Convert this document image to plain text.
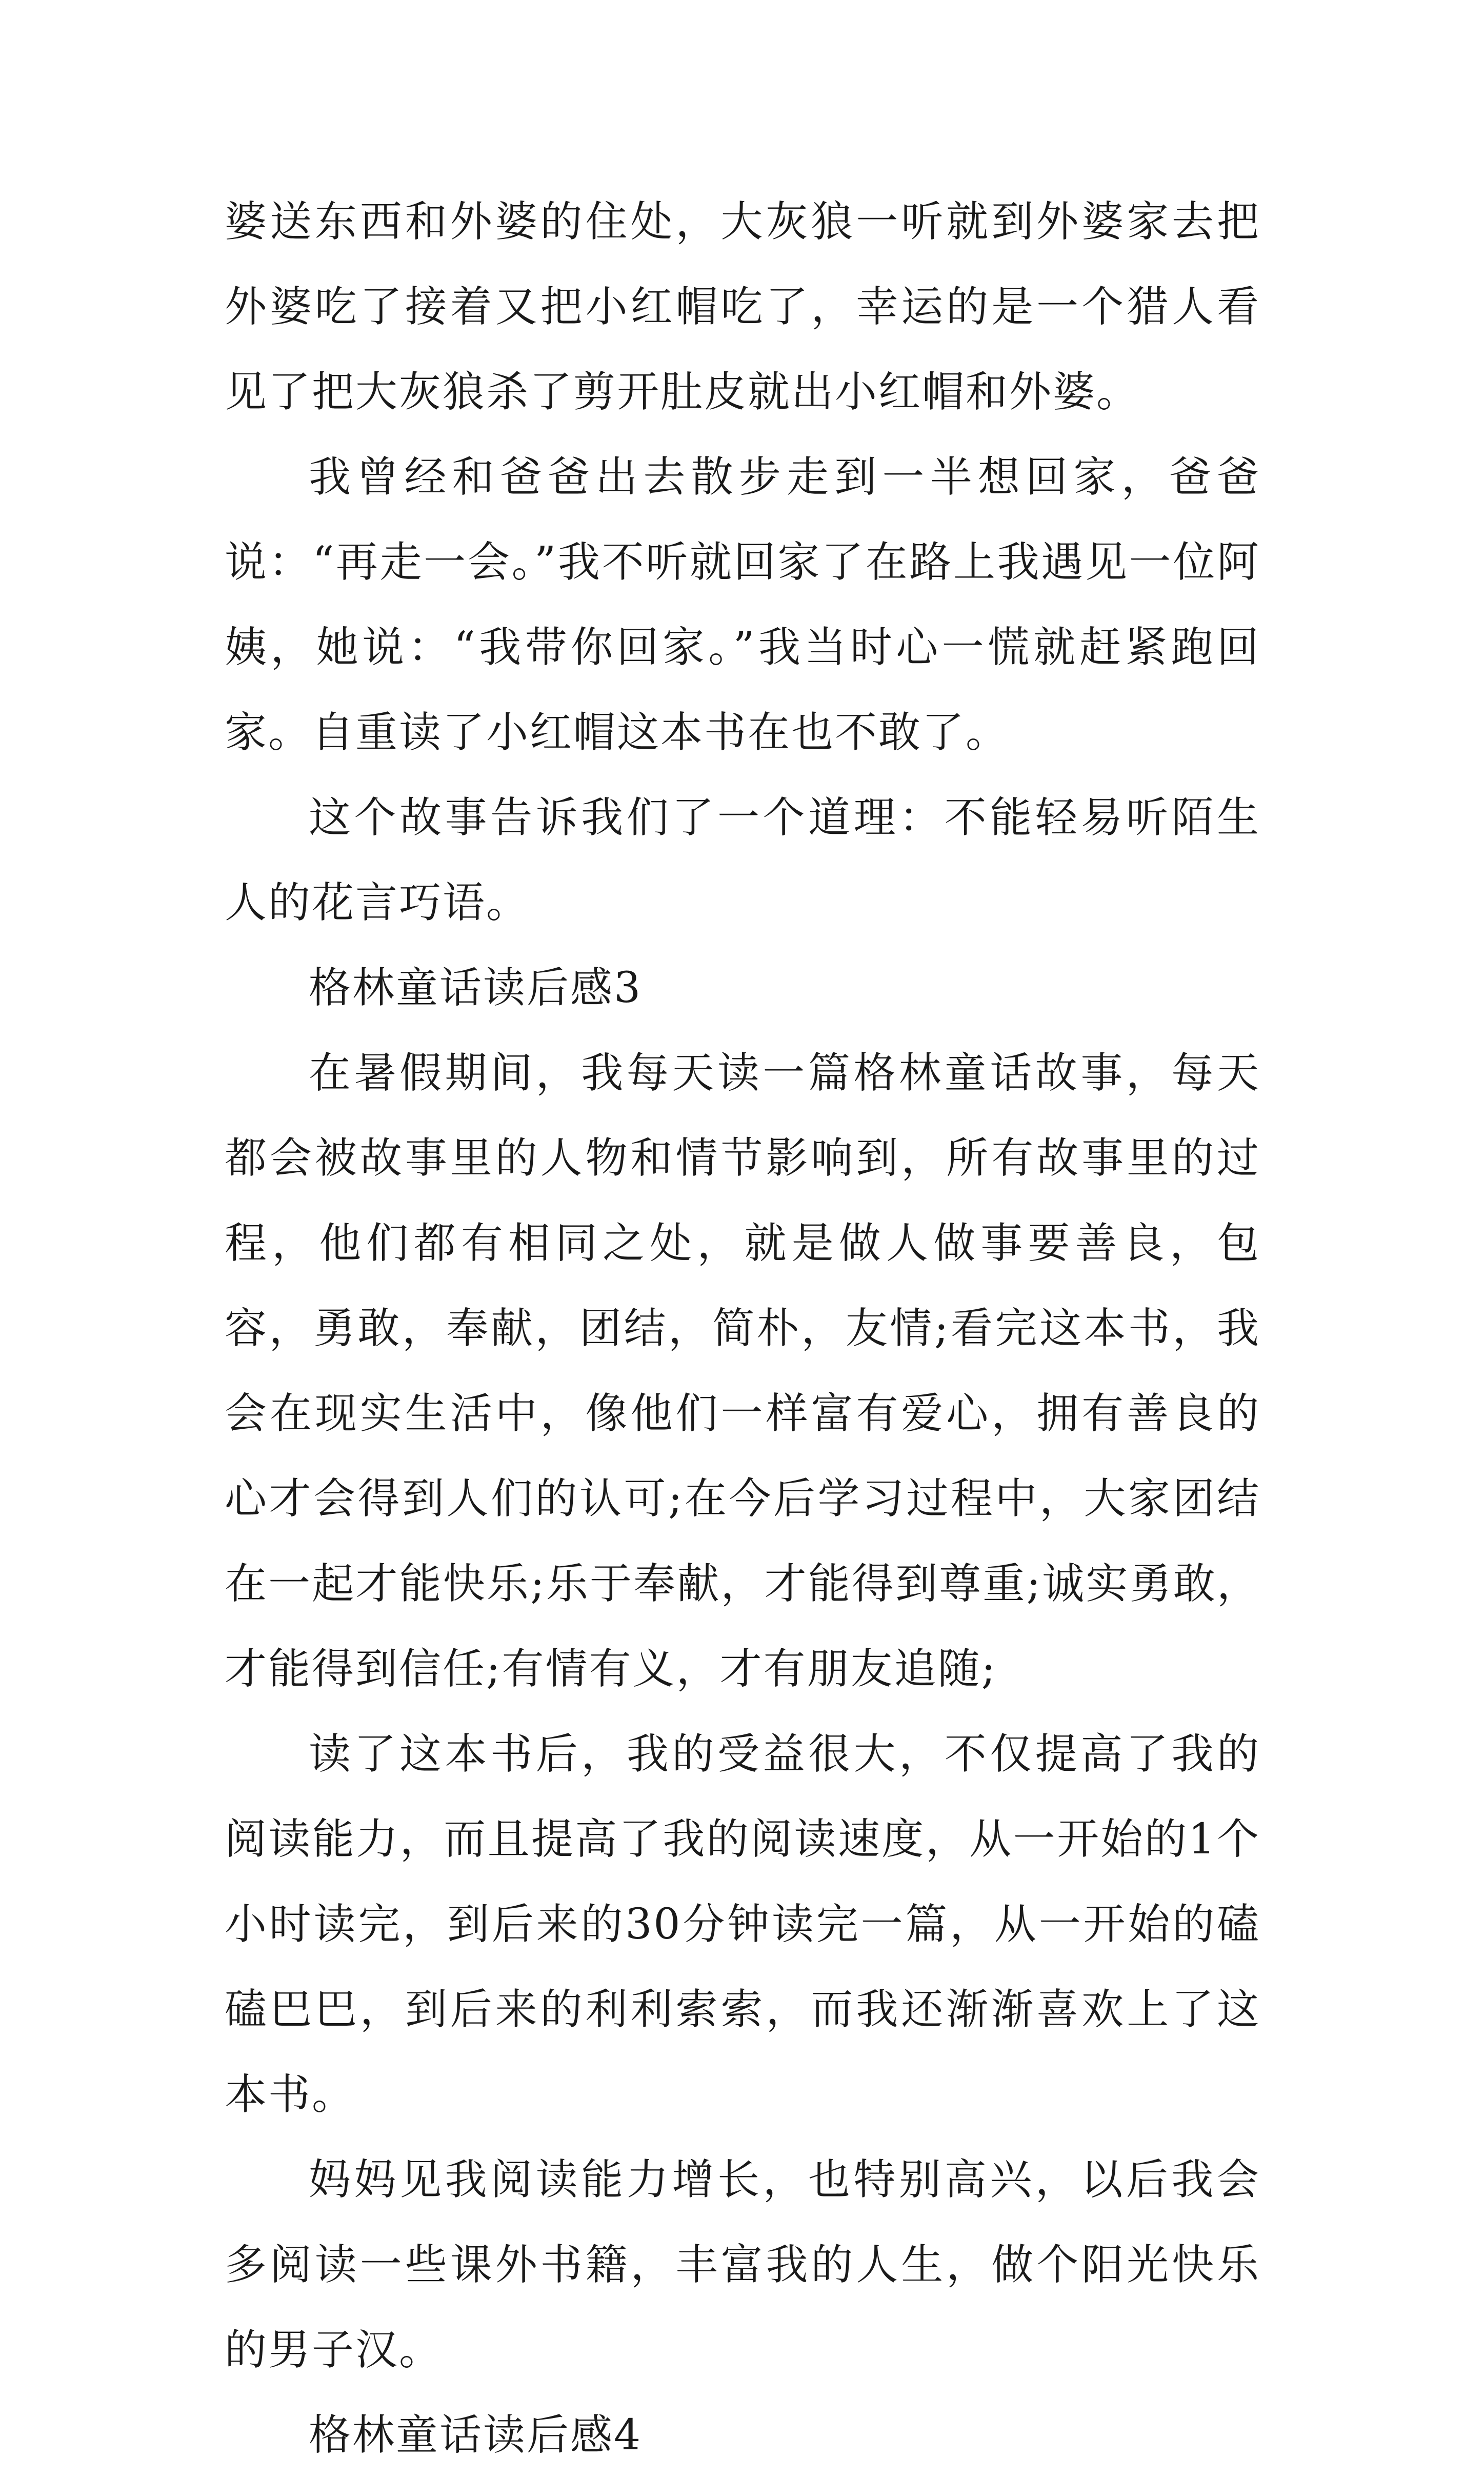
婆送东西和外婆的住处，大灰狼一听就到外婆家去把外婆吃了接着又把小红帽吃了，幸运的是一个猎人看见了把大灰狼杀了剪开肚皮就出小红帽和外婆。

我曾经和爸爸出去散步走到一半想回家，爸爸说：“再走一会。”我不听就回家了在路上我遇见一位阿姨，她说：“我带你回家。”我当时心一慌就赶紧跑回家。自重读了小红帽这本书在也不敢了。

这个故事告诉我们了一个道理：不能轻易听陌生人的花言巧语。

格林童话读后感3

在暑假期间，我每天读一篇格林童话故事，每天都会被故事里的人物和情节影响到，所有故事里的过程，他们都有相同之处，就是做人做事要善良，包容，勇敢，奉献，团结，简朴，友情;看完这本书，我会在现实生活中，像他们一样富有爱心，拥有善良的心才会得到人们的认可;在今后学习过程中，大家团结在一起才能快乐;乐于奉献，才能得到尊重;诚实勇敢，才能得到信任;有情有义，才有朋友追随;

读了这本书后，我的受益很大，不仅提高了我的阅读能力，而且提高了我的阅读速度，从一开始的1个小时读完，到后来的30分钟读完一篇，从一开始的磕磕巴巴，到后来的利利索索，而我还渐渐喜欢上了这本书。

妈妈见我阅读能力增长，也特别高兴，以后我会多阅读一些课外书籍，丰富我的人生，做个阳光快乐的男子汉。

格林童话读后感4
